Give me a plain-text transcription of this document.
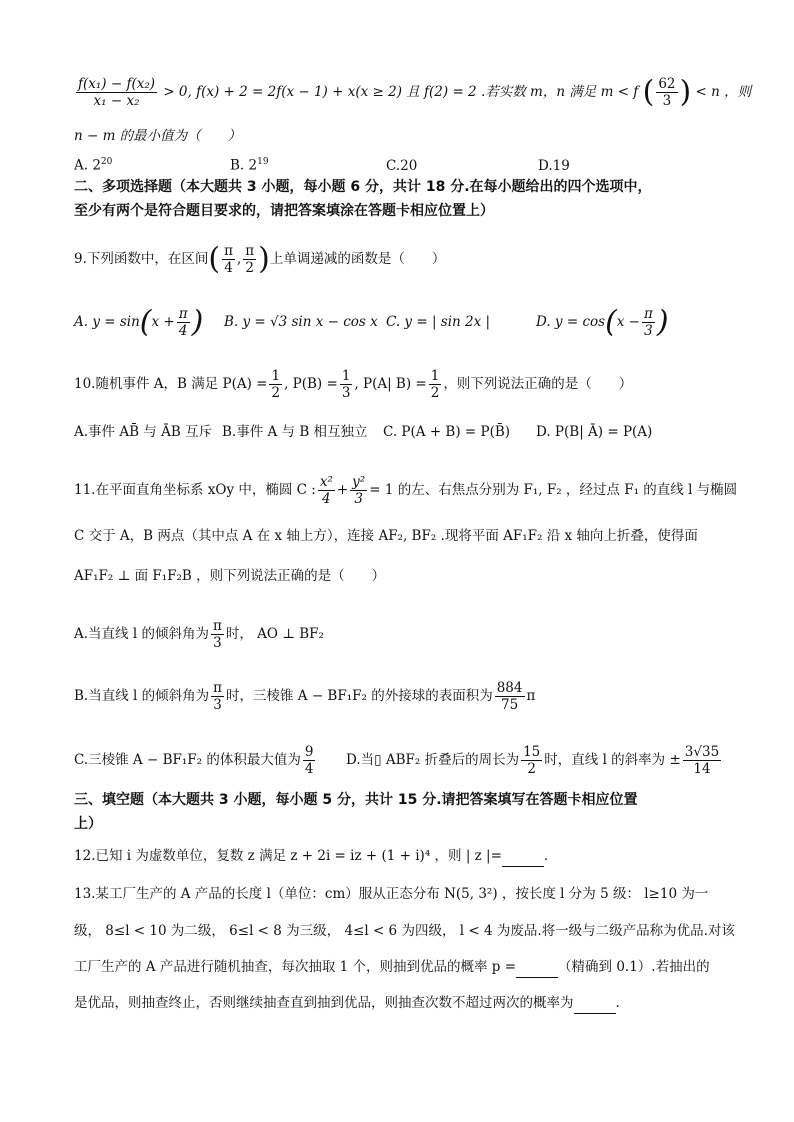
$\frac{\text{f(x₁) − f(x₂)}}{\text{x₁ − x₂}} > 0$, f(x) + 2 = 2f(x − 1) + x(x ≥ 2) 且 f(2) = 2 .若实数 m，n 满足 m < f ( $\frac{62}{3}$ ) < n ，则
n − m 的最小值为（　　）
A. $2^{20}$	B. $2^{19}$	C.20	D.19
二、多项选择题（本大题共 3 小题，每小题 6 分，共计 18 分.在每小题给出的四个选项中，
至少有两个是符合题目要求的，请把答案填涂在答题卡相应位置上）
9.下列函数中，在区间( $\frac{\pi}{4}$ , $\frac{\pi}{2}$ )上单调递减的函数是（　　）
A. $y = \sin(x + \frac{\pi}{4}$ ) B. y = √3 sin x − cos x C. y = | sin 2x |	D. $y = \cos(x - \frac{\pi}{3}$ )
10.随机事件 A，B 满足 $P(A) = \frac{1}{2}$ , $P(B) = \frac{1}{3}$ , P(A| $B) = \frac{1}{2}$ ，则下列说法正确的是（　　）
A.事件 AB̄ 与 ĀB 互斥 B.事件 A 与 B 相互独立 C. P(A + B) = P(B̄) D. P(B| Ā) = P(A)
11.在平面直角坐标系 xOy 中，椭圆 C : $\frac{\text{x²}}{4} + \frac{\text{y²}}{3} = 1$ 的左、右焦点分别为 F₁, F₂ ，经过点 F₁ 的直线 l 与椭圆
C 交于 A，B 两点（其中点 A 在 x 轴上方），连接 AF₂, BF₂ .现将平面 AF₁F₂ 沿 x 轴向上折叠，使得面
AF₁F₂ ⊥ 面 F₁F₂B ，则下列说法正确的是（　　）
A.当直线 l 的倾斜角为 $\frac{\pi}{3}$ 时， AO ⊥ BF₂
B.当直线 l 的倾斜角为 $\frac{\pi}{3}$ 时，三棱锥 A − BF₁F₂ 的外接球的表面积为 $\frac{884}{75}$ π
C.三棱锥 A − BF₁F₂ 的体积最大值为 $\frac{9}{4} D$.当▯ ABF₂ 折叠后的周长为 $\frac{15}{2}$ 时，直线 l 的斜率为 ± $\frac{3√35}{14}$
三、填空题（本大题共 3 小题，每小题 5 分，共计 15 分.请把答案填写在答题卡相应位置
上）
12.已知 i 为虚数单位，复数 z 满足 z + 2i = iz + (1 + i)⁴ ，则 | z |=	.
13.某工厂生产的 A 产品的长度 l（单位：cm）服从正态分布 N(5, 3²) ，按长度 l 分为 5 级： l≥10 为一
级， 8≤l < 10 为二级， 6≤l < 8 为三级， 4≤l < 6 为四级， l < 4 为废品.将一级与二级产品称为优品.对该
工厂生产的 A 产品进行随机抽查，每次抽取 1 个，则抽到优品的概率 p =	（精确到 0.1）.若抽出的
是优品，则抽查终止，否则继续抽查直到抽到优品，则抽查次数不超过两次的概率为	.
